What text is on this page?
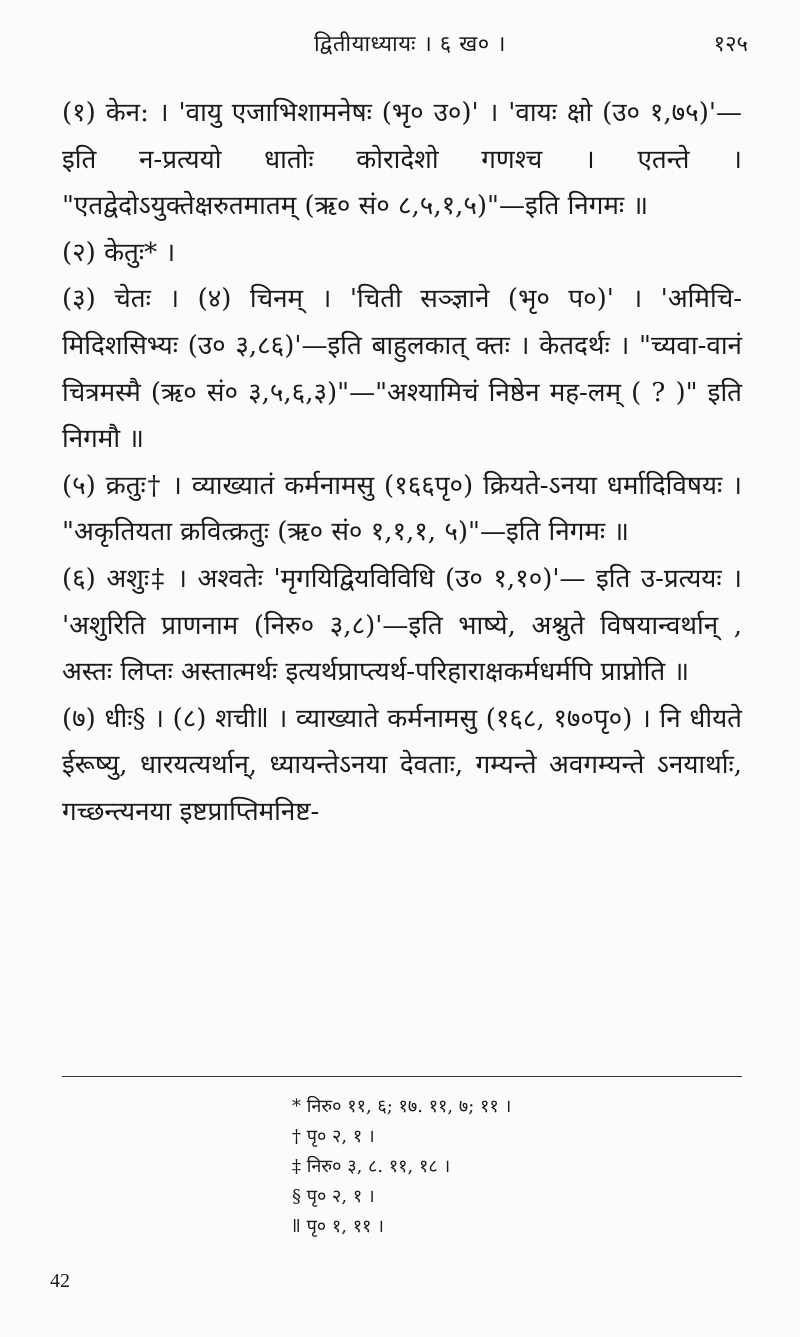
द्वितीयाध्यायः । ६ ख० ।	१२५

(१) केन: । 'वायु एजाभिशामनेषः (भृ० उ०)' । 'वायः क्षो (उ० १,७५)'—इति न-प्रत्ययो धातोः कोरादेशो गणश्च । एतन्ते । "एतद्वेदोऽयुक्तेक्षरुतमातम् (ऋ० सं० ८,५,१,५)"—इति निगमः ॥

(२) केतुः* ।

(३) चेतः । (४) चिनम् । 'चिती सञ्ज्ञाने (भृ० प०)' । 'अमिचि-मिदिशसिभ्यः (उ० ३,८६)'—इति बाहुलकात् क्तः । केतदर्थः । "च्यवा-वानं चित्रमस्मै (ऋ० सं० ३,५,६,३)"—"अश्यामिचं निष्ठेन मह-लम् ( ? )" इति निगमौ ॥

(५) क्रतुः† । व्याख्यातं कर्मनामसु (१६६पृ०) क्रियते-ऽनया धर्मादिविषयः । "अकृतियता क्रवित्क्रतुः (ऋ० सं० १,१,१, ५)"—इति निगमः ॥

(६) अशुः‡ । अश्वतेः 'मृगयिद्वियविविधि (उ० १,१०)'— इति उ-प्रत्ययः । 'अशुरिति प्राणनाम (निरु० ३,८)'—इति भाष्ये, अश्नुते विषयान्वर्थान् , अस्तः लिप्तः अस्तात्मर्थः इत्यर्थप्राप्त्यर्थ-परिहाराक्षकर्मधर्मपि प्राप्नोति ॥

(७) धीः§ । (८) शचीǁ । व्याख्याते कर्मनामसु (१६८, १७०पृ०) । नि धीयते ईरूष्यु, धारयत्यर्थान्, ध्यायन्तेऽनया देवताः, गम्यन्ते अवगम्यन्ते ऽनयार्थाः, गच्छन्त्यनया इष्टप्राप्तिमनिष्ट-

* निरु० ११, ६; १७. ११, ७; ११ ।

† पृ० २, १ ।

‡ निरु० ३, ८. ११, १८ ।

§ पृ० २, १ ।

ǁ पृ० १, ११ ।

42
